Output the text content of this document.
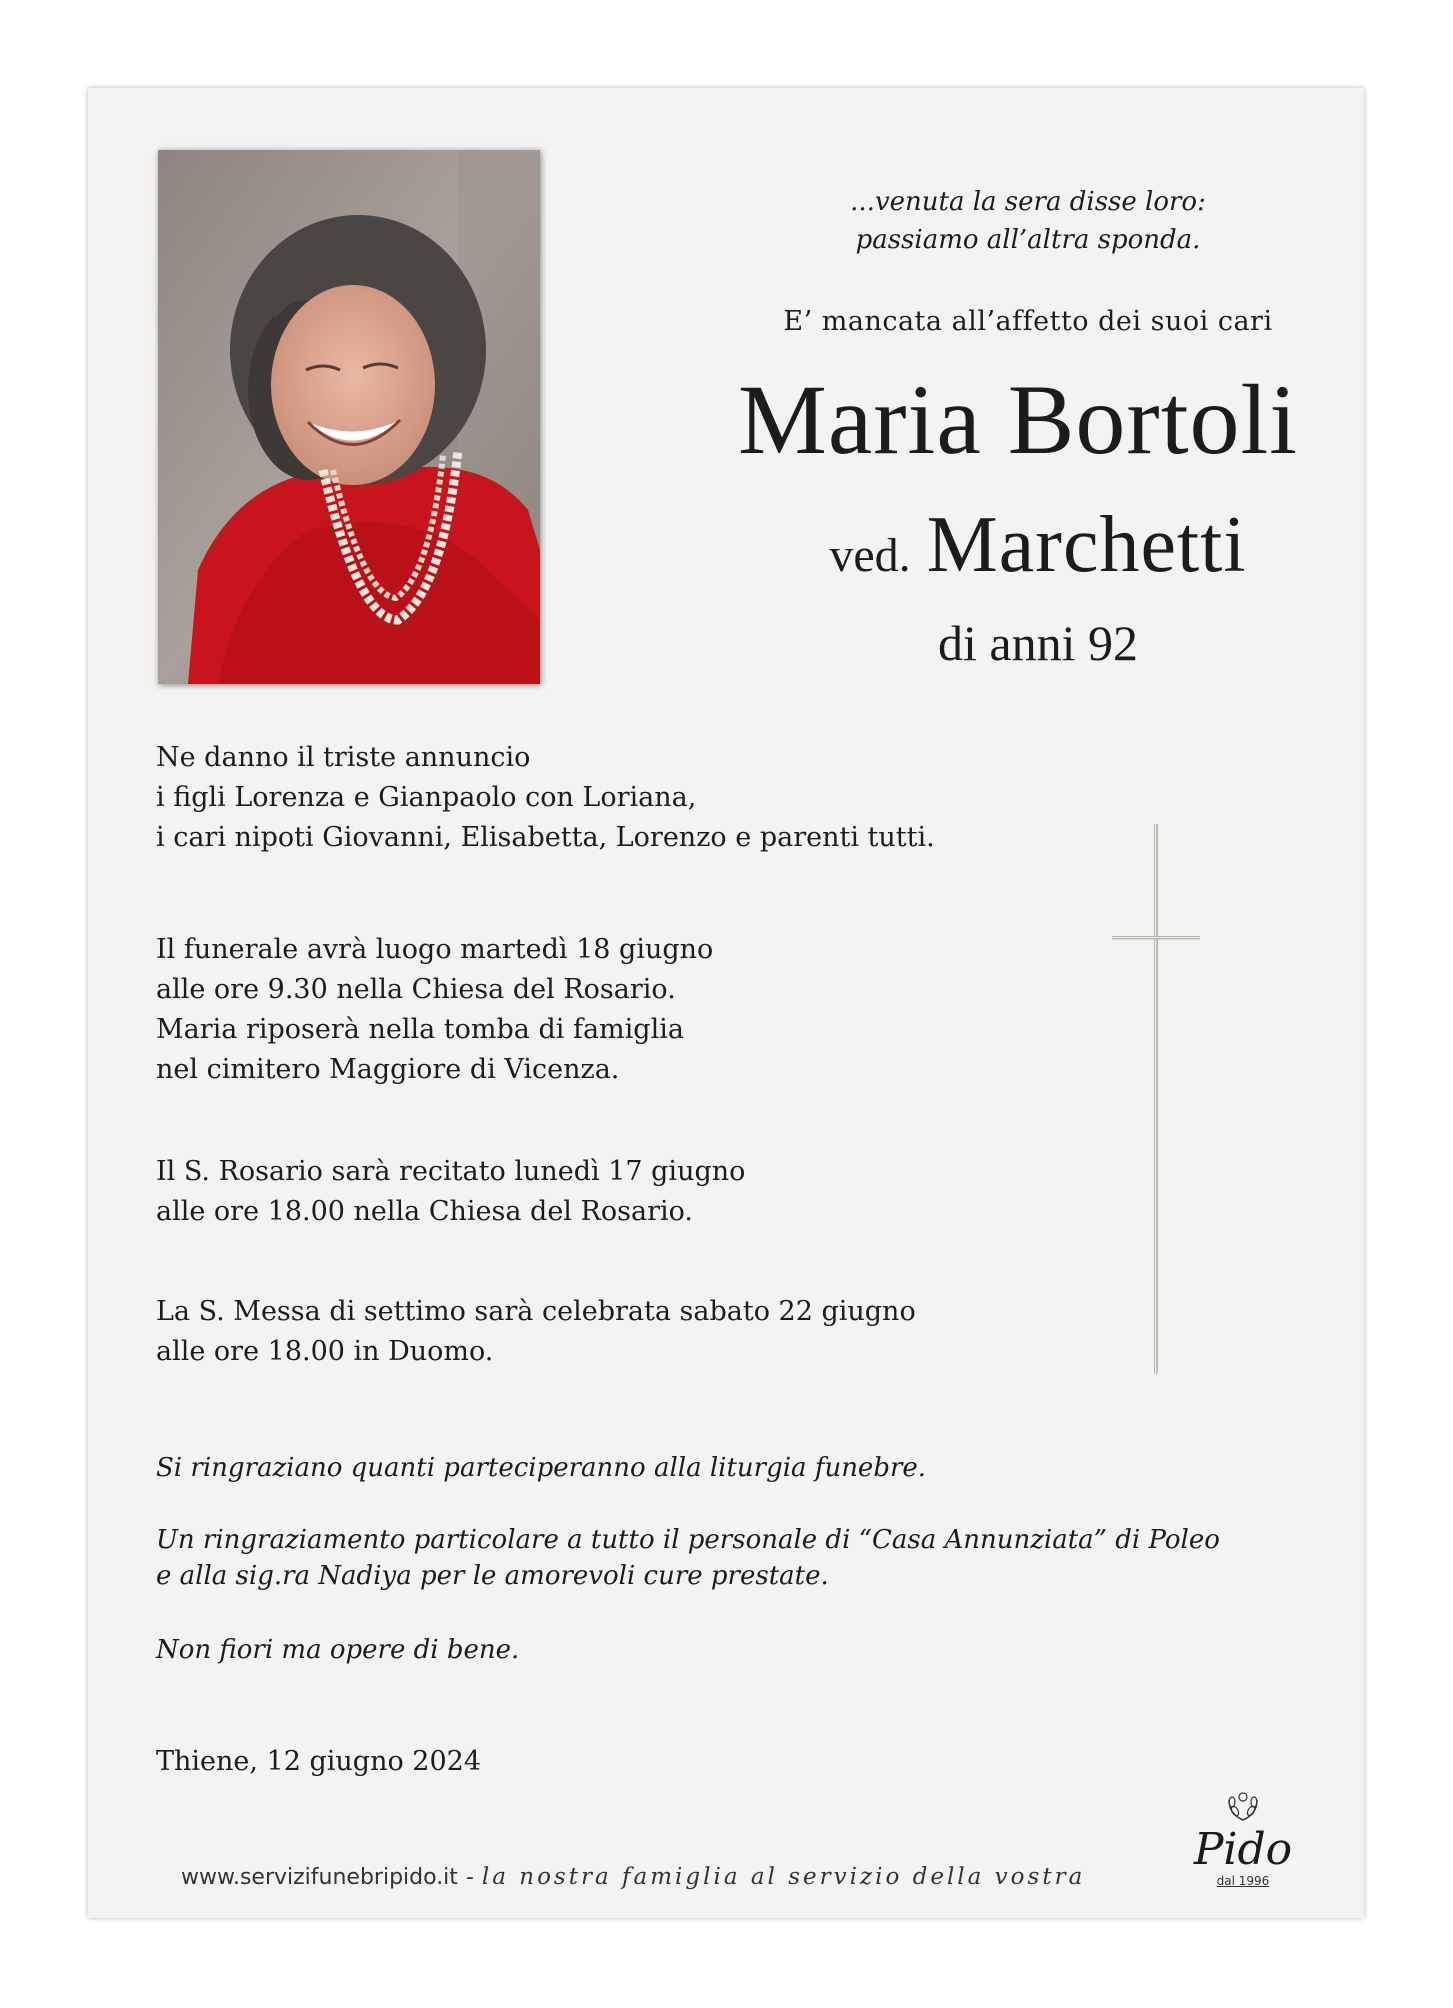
...venuta la sera disse loro:
passiamo all’altra sponda.
E’ mancata all’affetto dei suoi cari
Maria Bortoli
ved. Marchetti
di anni 92
Ne danno il triste annuncio
i figli Lorenza e Gianpaolo con Loriana,
i cari nipoti Giovanni, Elisabetta, Lorenzo e parenti tutti.
Il funerale avrà luogo martedì 18 giugno
alle ore 9.30 nella Chiesa del Rosario.
Maria riposerà nella tomba di famiglia
nel cimitero Maggiore di Vicenza.
Il S. Rosario sarà recitato lunedì 17 giugno
alle ore 18.00 nella Chiesa del Rosario.
La S. Messa di settimo sarà celebrata sabato 22 giugno
alle ore 18.00 in Duomo.
Si ringraziano quanti parteciperanno alla liturgia funebre.
Un ringraziamento particolare a tutto il personale di “Casa Annunziata” di Poleo
e alla sig.ra Nadiya per le amorevoli cure prestate.
Non fiori ma opere di bene.
Thiene, 12 giugno 2024
Pido
dal 1996
www.servizifunebripido.it - la nostra famiglia al servizio della vostra
